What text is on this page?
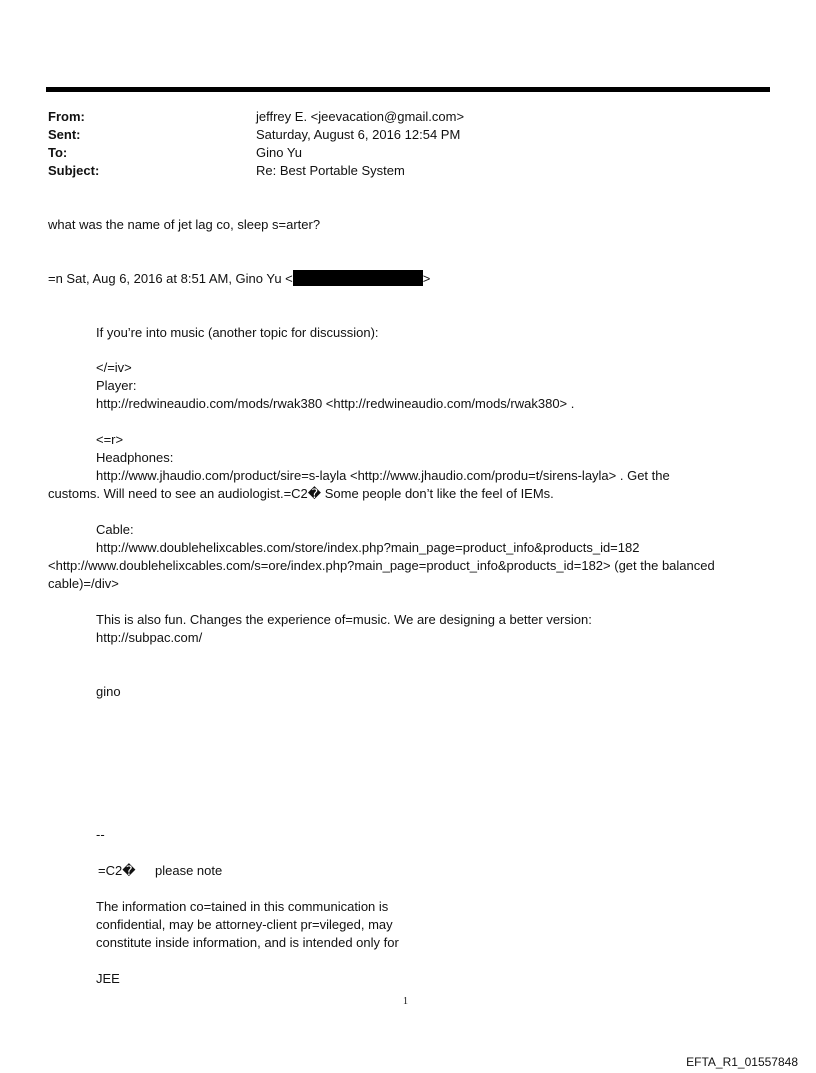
From:	jeffrey E. <jeevacation@gmail.com>
Sent:	Saturday, August 6, 2016 12:54 PM
To:	Gino Yu
Subject:	Re: Best Portable System
what was the name of jet lag co, sleep s=arter?
=n Sat, Aug 6, 2016 at 8:51 AM, Gino Yu <	>
If you’re into music (another topic for discussion):
</=iv>
Player:
http://redwineaudio.com/mods/rwak380 <http://redwineaudio.com/mods/rwak380> .
<=r>
Headphones:
http://www.jhaudio.com/product/sire=s-layla <http://www.jhaudio.com/produ=t/sirens-layla> . Get the
customs. Will need to see an audiologist.=C2� Some people don’t like the feel of IEMs.
Cable:
http://www.doublehelixcables.com/store/index.php?main_page=product_info&products_id=182
<http://www.doublehelixcables.com/s=ore/index.php?main_page=product_info&products_id=182> (get the balanced
cable)=/div>
This is also fun. Changes the experience of=music. We are designing a better version:
http://subpac.com/
gino
--
=C2� please note
The information co=tained in this communication is
confidential, may be attorney-client pr=vileged, may
constitute inside information, and is intended only for
JEE
1
EFTA_R1_01557848
